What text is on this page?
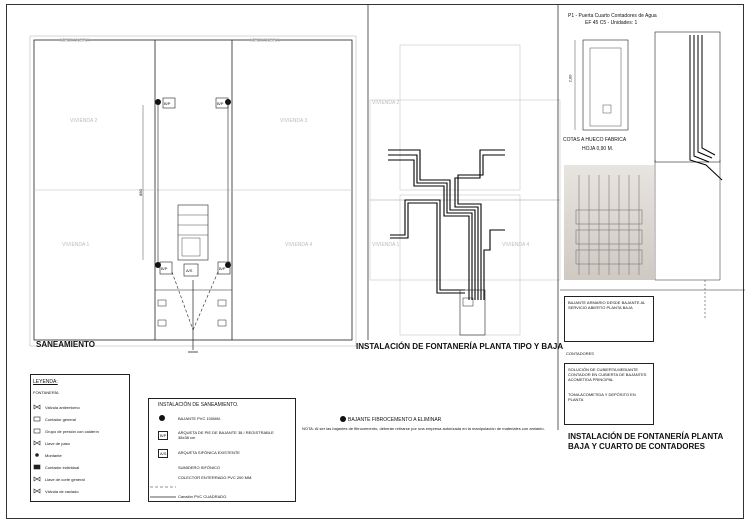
MEDIANERA	MEDIANERA
VIVIENDA 2	VIVIENDA 3
VIVIENDA 1	VIVIENDA 4
880
B/P	B/P
B/P	A/S	B/P
VIVIENDA 2
VIVIENDA 4
VIVIENDA 1
SANEAMIENTO	INSTALACIÓN DE FONTANERÍA PLANTA TIPO Y BAJA
INSTALACIÓN DE FONTANERÍA PLANTA BAJA Y CUARTO DE CONTADORES
P1 - Puerta Cuarto Contadores de Agua
EF 45 C5 - Unidades: 1
2,00
COTAS A HUECO FABRICA
HOJA 0,90 M.
BAJANTE ARMARIO DESDE BAJANTE AL SERVICIO ABIERTO PLANTA BAJA
CONTADORES
SOLUCIÓN DE CUBIERTA MEDIANTE CONTADOR EN CUBIERTA DE BAJANTES ACOMETIDA PRINCIPAL
TOMA ACOMETIDA Y DEPÓSITO EN PLANTA
LEYENDA:
FONTANERÍA
Válvula antirretorno
Contador general
Grupo de presión con calderín
Llave de paso
Montante
Contador individual
Llave de corte general
Válvula de vaciado
INSTALACIÓN DE SANEAMIENTO.
B/P
A/S
BAJANTE PVC 100MM.
ARQUETA DE PIE DE BAJANTE 38 / REGISTRABLE 38x38 cm
ARQUETA SIFÓNICA EXISTENTE
SUMIDERO SIFÓNICO
COLECTOR ENTERRADO PVC 200 MM.
Canalón PVC CUADRADO.
BAJANTE FIBROCEMENTO A ELIMINAR
NOTA: Al ser las bajantes de fibrocemento, deberán retirarse por una empresa autorizada en la manipulación de materiales con amianto.
